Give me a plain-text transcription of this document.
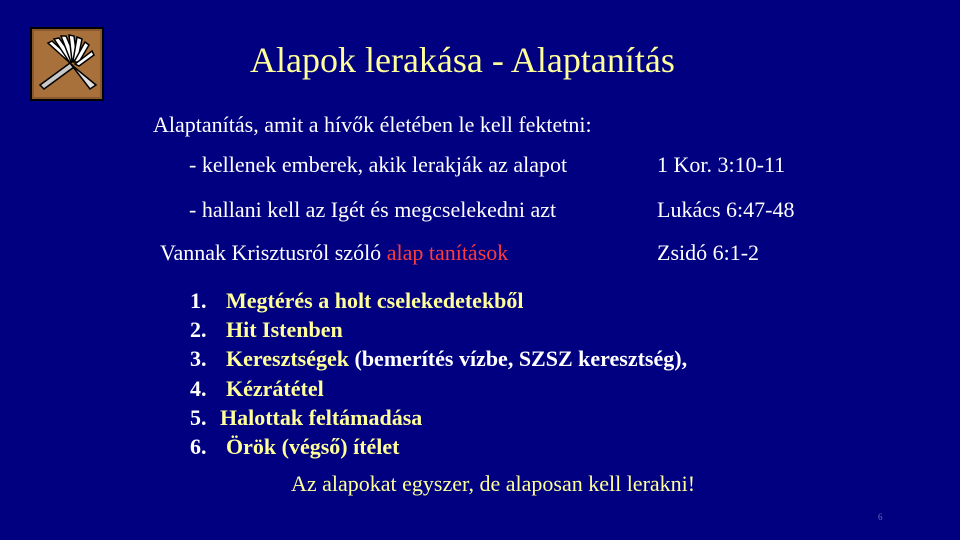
Alapok lerakása - Alaptanítás
Alaptanítás, amit a hívők életében le kell fektetni:
- kellenek emberek, akik lerakják az alapot	1 Kor. 3:10-11
- hallani kell az Igét és megcselekedni azt	Lukács 6:47-48
Vannak Krisztusról szóló alap tanítások	Zsidó 6:1-2
1. Megtérés a holt cselekedetekből
2. Hit Istenben
3. Keresztségek (bemerítés vízbe, SZSZ keresztség),
4. Kézrátétel
5. Halottak feltámadása
6. Örök (végső) ítélet
Az alapokat egyszer, de alaposan kell lerakni!
6
